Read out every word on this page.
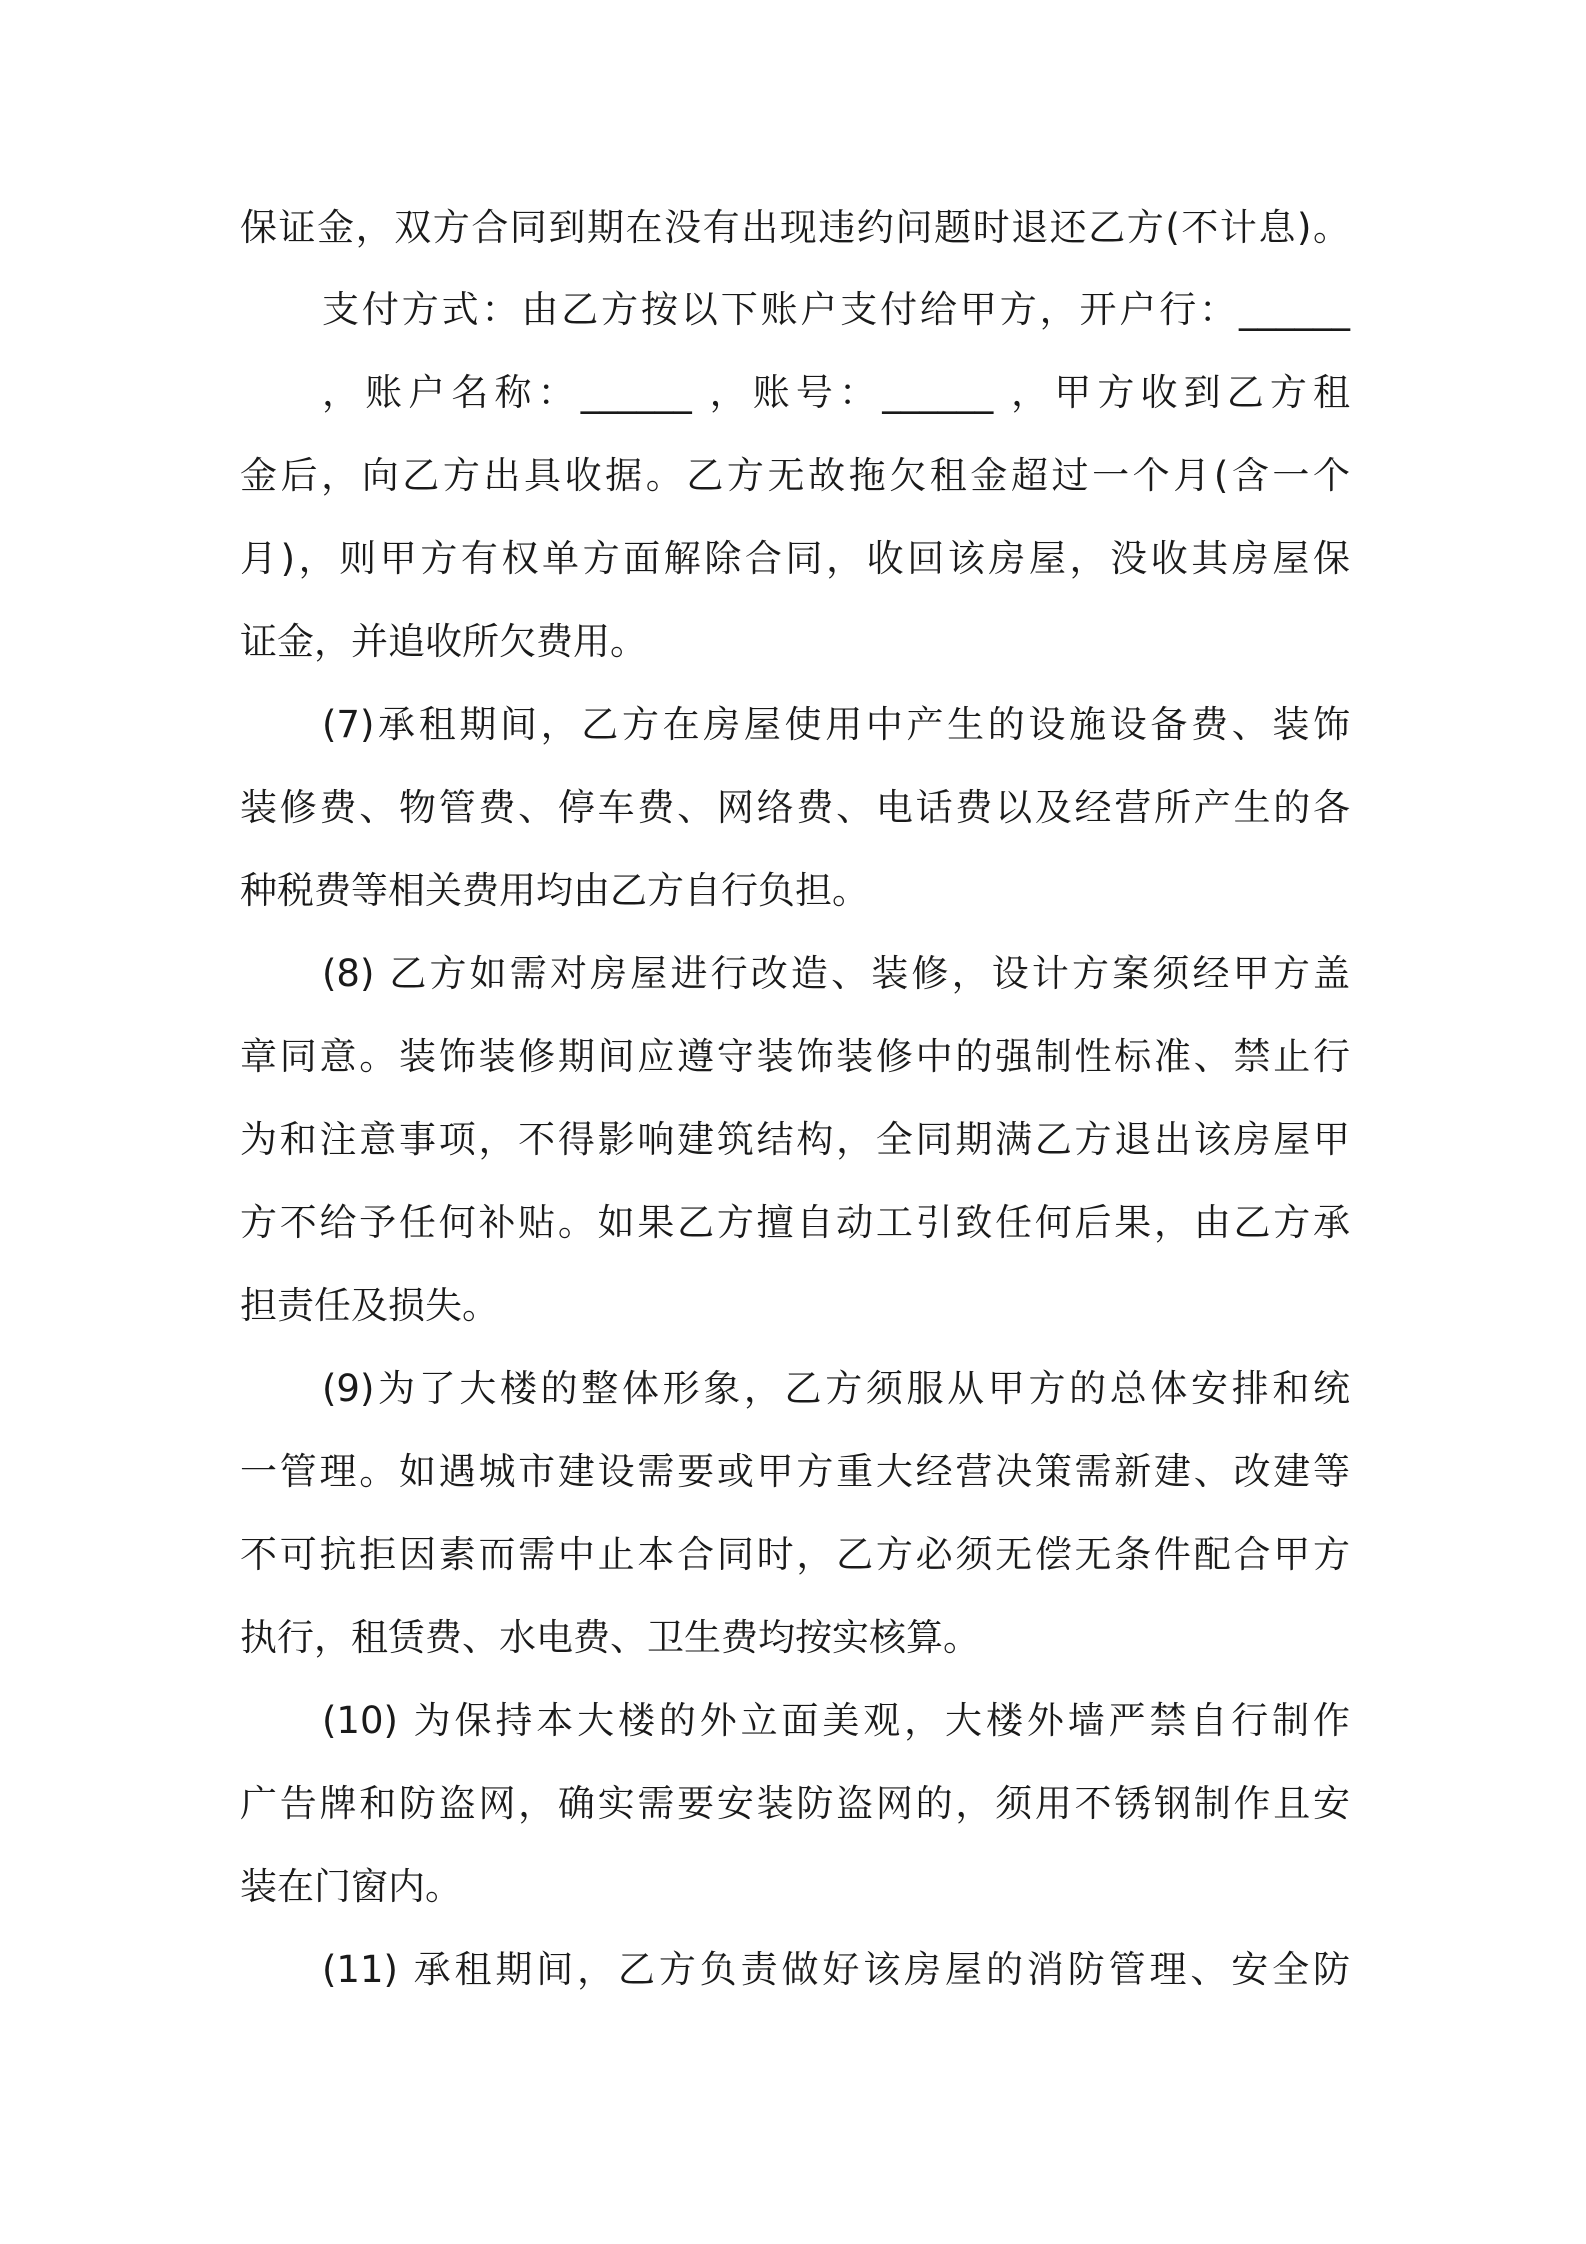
保证金，双方合同到期在没有出现违约问题时退还乙方(不计息)。
支付方式：由乙方按以下账户支付给甲方，开户行：______
，账户名称：______ ，账号：______ ，甲方收到乙方租
金后，向乙方出具收据。乙方无故拖欠租金超过一个月(含一个
月)，则甲方有权单方面解除合同，收回该房屋，没收其房屋保
证金，并追收所欠费用。
(7)承租期间，乙方在房屋使用中产生的设施设备费、装饰
装修费、物管费、停车费、网络费、电话费以及经营所产生的各
种税费等相关费用均由乙方自行负担。
(8) 乙方如需对房屋进行改造、装修，设计方案须经甲方盖
章同意。装饰装修期间应遵守装饰装修中的强制性标准、禁止行
为和注意事项，不得影响建筑结构，全同期满乙方退出该房屋甲
方不给予任何补贴。如果乙方擅自动工引致任何后果，由乙方承
担责任及损失。
(9)为了大楼的整体形象，乙方须服从甲方的总体安排和统
一管理。如遇城市建设需要或甲方重大经营决策需新建、改建等
不可抗拒因素而需中止本合同时，乙方必须无偿无条件配合甲方
执行，租赁费、水电费、卫生费均按实核算。
(10) 为保持本大楼的外立面美观，大楼外墙严禁自行制作
广告牌和防盗网，确实需要安装防盗网的，须用不锈钢制作且安
装在门窗内。
(11) 承租期间，乙方负责做好该房屋的消防管理、安全防
